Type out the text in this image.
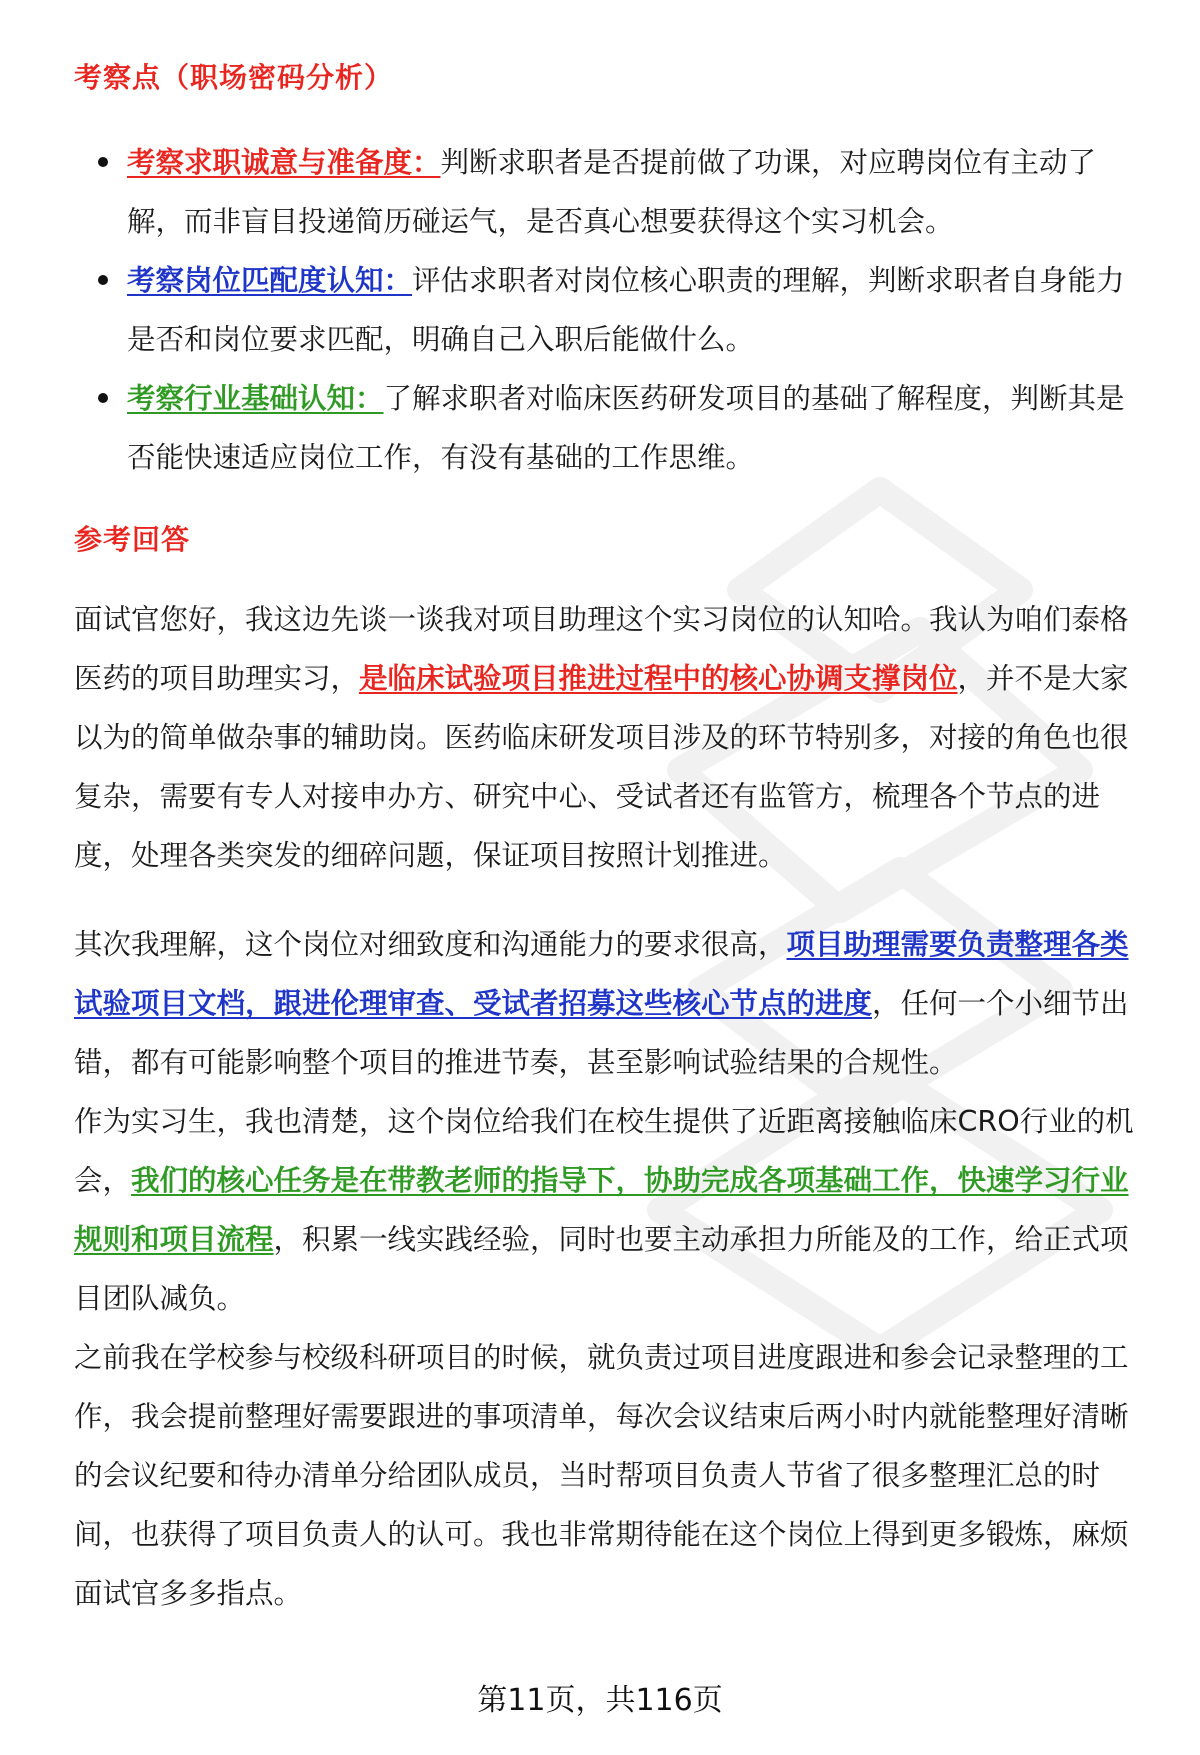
考察点（职场密码分析）
考察求职诚意与准备度：判断求职者是否提前做了功课，对应聘岗位有主动了解，而非盲目投递简历碰运气，是否真心想要获得这个实习机会。
考察岗位匹配度认知：评估求职者对岗位核心职责的理解，判断求职者自身能力是否和岗位要求匹配，明确自己入职后能做什么。
考察行业基础认知：了解求职者对临床医药研发项目的基础了解程度，判断其是否能快速适应岗位工作，有没有基础的工作思维。
参考回答

面试官您好，我这边先谈一谈我对项目助理这个实习岗位的认知哈。我认为咱们泰格医药的项目助理实习，是临床试验项目推进过程中的核心协调支撑岗位，并不是大家以为的简单做杂事的辅助岗。医药临床研发项目涉及的环节特别多，对接的角色也很复杂，需要有专人对接申办方、研究中心、受试者还有监管方，梳理各个节点的进度，处理各类突发的细碎问题，保证项目按照计划推进。

其次我理解，这个岗位对细致度和沟通能力的要求很高，项目助理需要负责整理各类试验项目文档，跟进伦理审查、受试者招募这些核心节点的进度，任何一个小细节出错，都有可能影响整个项目的推进节奏，甚至影响试验结果的合规性。

作为实习生，我也清楚，这个岗位给我们在校生提供了近距离接触临床CRO行业的机会，我们的核心任务是在带教老师的指导下，协助完成各项基础工作，快速学习行业规则和项目流程，积累一线实践经验，同时也要主动承担力所能及的工作，给正式项目团队减负。

之前我在学校参与校级科研项目的时候，就负责过项目进度跟进和参会记录整理的工作，我会提前整理好需要跟进的事项清单，每次会议结束后两小时内就能整理好清晰的会议纪要和待办清单分给团队成员，当时帮项目负责人节省了很多整理汇总的时间，也获得了项目负责人的认可。我也非常期待能在这个岗位上得到更多锻炼，麻烦面试官多多指点。

第11页，共116页
